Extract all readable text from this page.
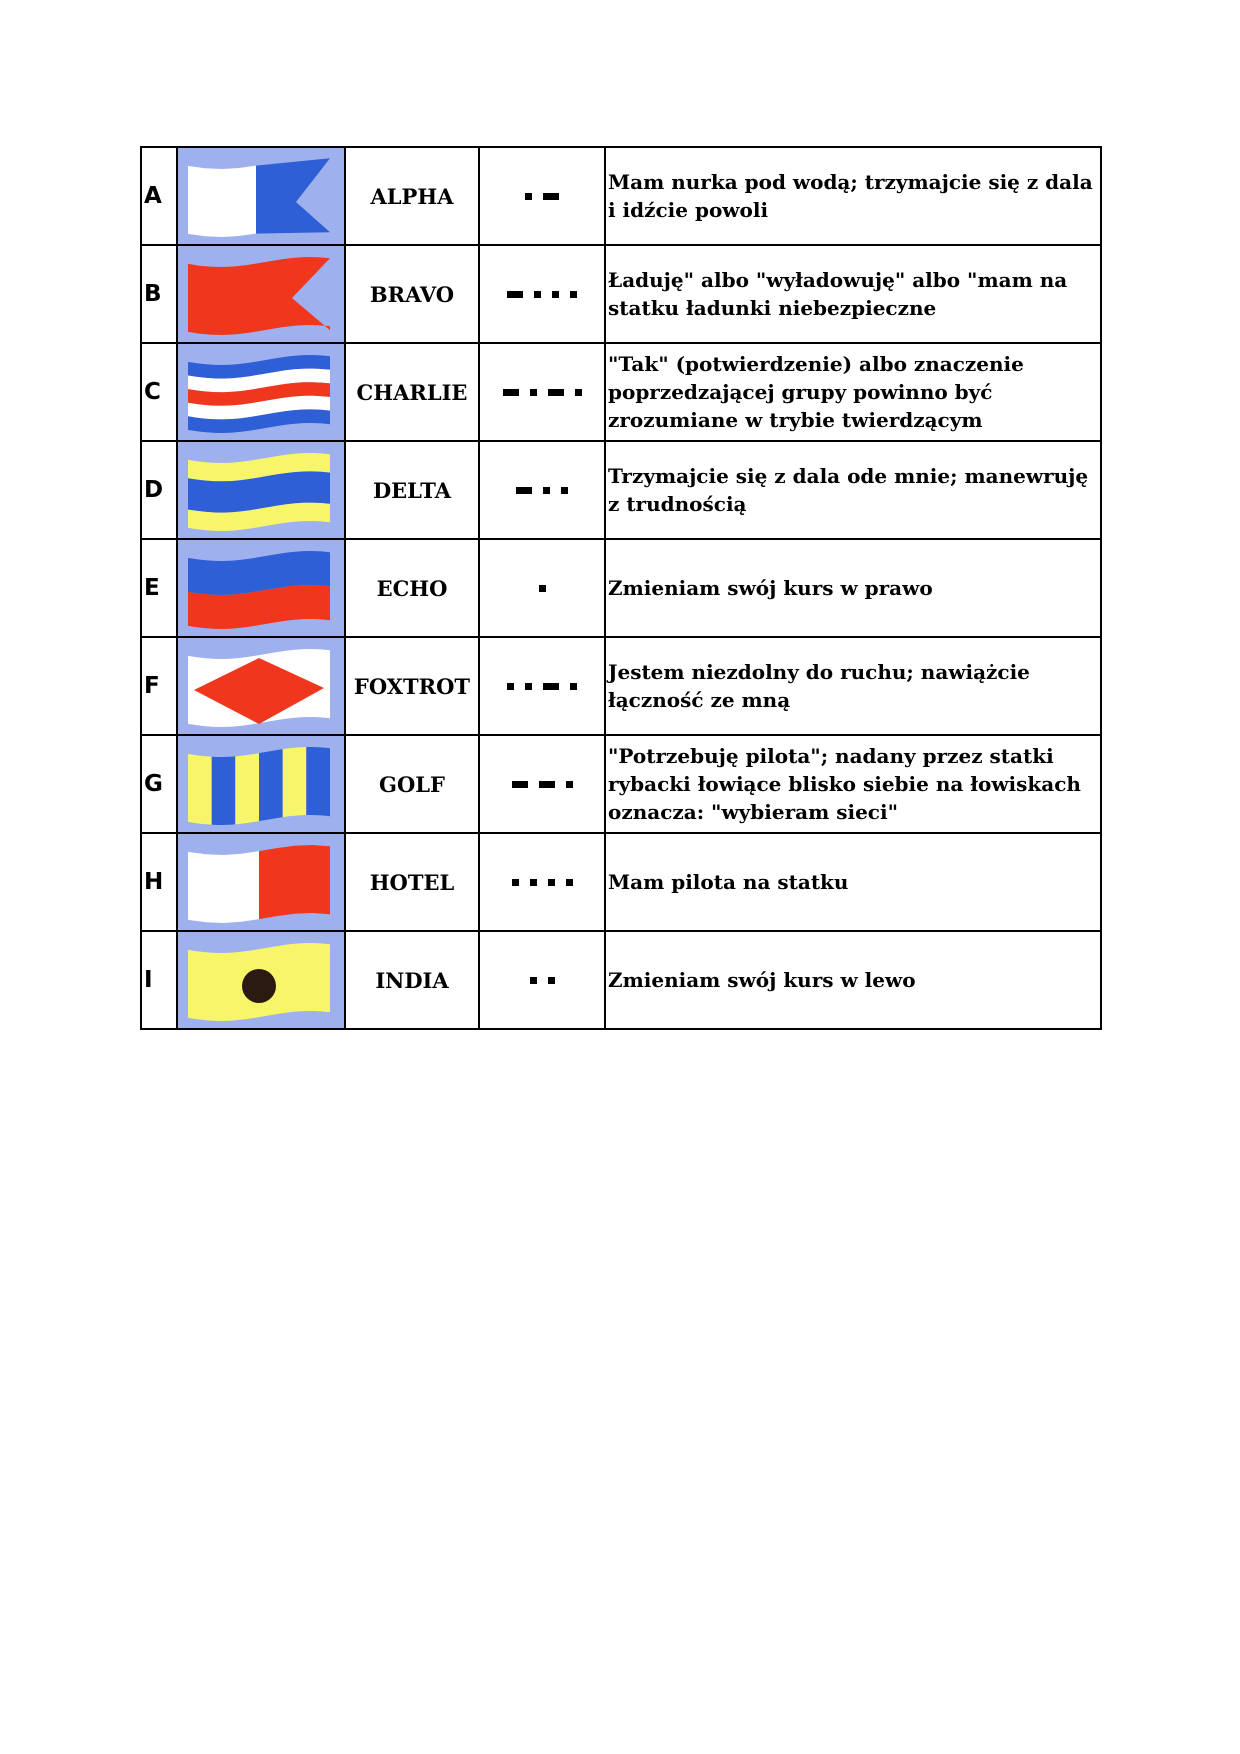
A		ALPHA		Mam nurka pod wodą; trzymajcie się z dala i idźcie powoli
B		BRAVO		Ładuję" albo "wyładowuję" albo "mam na statku ładunki niebezpieczne
C		CHARLIE		"Tak" (potwierdzenie) albo znaczenie poprzedzającej grupy powinno być zrozumiane w trybie twierdzącym
D		DELTA		Trzymajcie się z dala ode mnie; manewruję z trudnością
E		ECHO		Zmieniam swój kurs w prawo
F		FOXTROT		Jestem niezdolny do ruchu; nawiążcie łączność ze mną
G		GOLF		"Potrzebuję pilota"; nadany przez statki rybacki łowiące blisko siebie na łowiskach oznacza: "wybieram sieci"
H		HOTEL		Mam pilota na statku
I		INDIA		Zmieniam swój kurs w lewo
